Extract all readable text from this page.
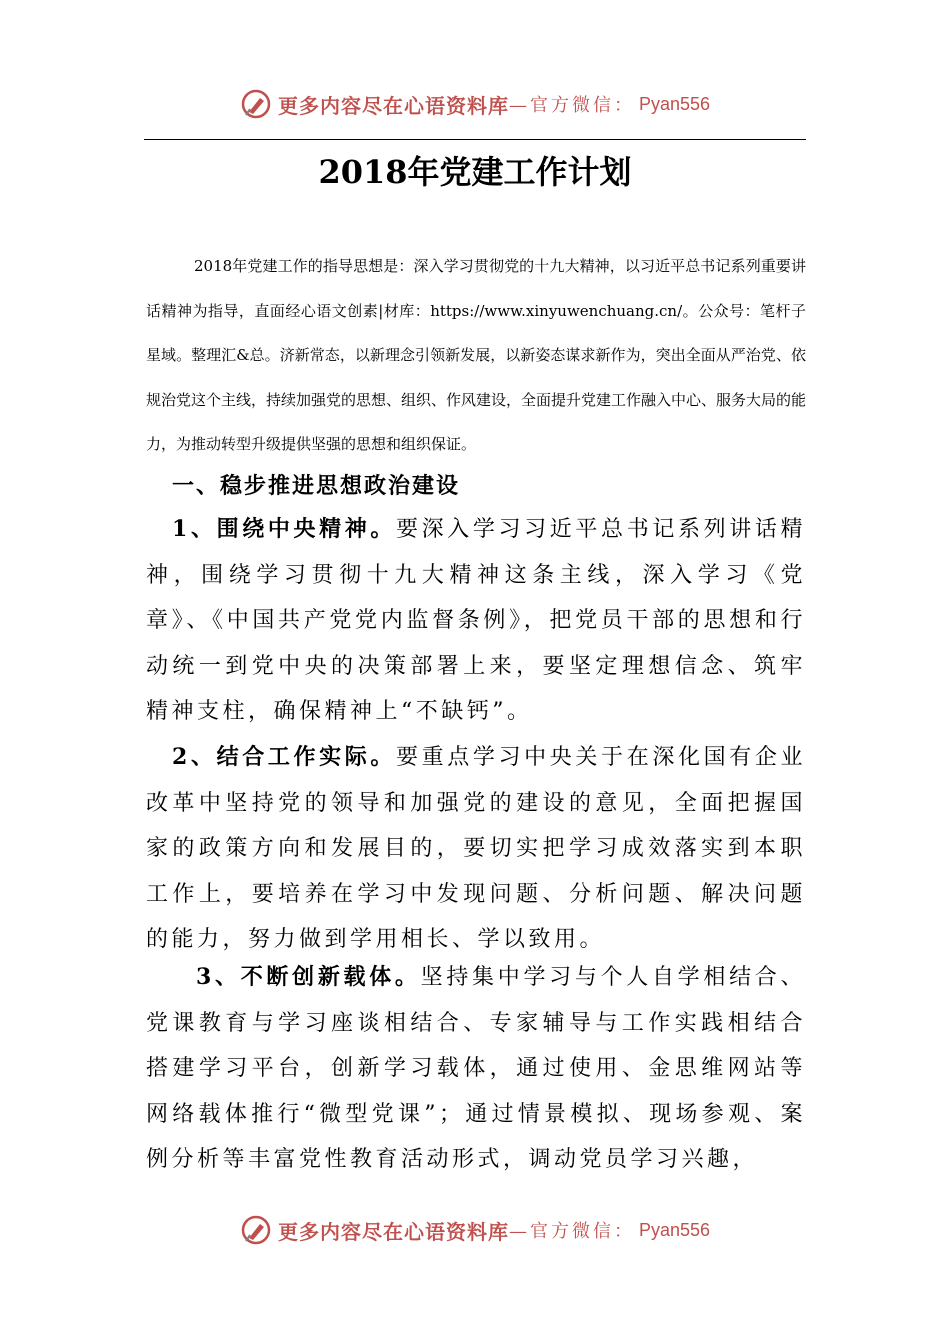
更多内容尽在心语资料库 —官方微信： Pyan556
2018年党建工作计划
2018年党建工作的指导思想是：深入学习贯彻党的十九大精神，以习近平总书记系列重要讲话精神为指导，直面经心语文创素|材库：https://www.xinyuwenchuang.cn/。公众号：笔杆子星域。整理汇&总。济新常态，以新理念引领新发展，以新姿态谋求新作为，突出全面从严治党、依规治党这个主线，持续加强党的思想、组织、作风建设，全面提升党建工作融入中心、服务大局的能力，为推动转型升级提供坚强的思想和组织保证。
一、稳步推进思想政治建设
1、围绕中央精神。要深入学习习近平总书记系列讲话精神，围绕学习贯彻十九大精神这条主线，深入学习《党章》、《中国共产党党内监督条例》，把党员干部的思想和行动统一到党中央的决策部署上来，要坚定理想信念、筑牢精神支柱，确保精神上“不缺钙”。
2、结合工作实际。要重点学习中央关于在深化国有企业改革中坚持党的领导和加强党的建设的意见，全面把握国家的政策方向和发展目的，要切实把学习成效落实到本职工作上，要培养在学习中发现问题、分析问题、解决问题的能力，努力做到学用相长、学以致用。
3、不断创新载体。坚持集中学习与个人自学相结合、党课教育与学习座谈相结合、专家辅导与工作实践相结合搭建学习平台，创新学习载体，通过使用、金思维网站等网络载体推行“微型党课”；通过情景模拟、现场参观、案例分析等丰富党性教育活动形式，调动党员学习兴趣，
更多内容尽在心语资料库 —官方微信： Pyan556
